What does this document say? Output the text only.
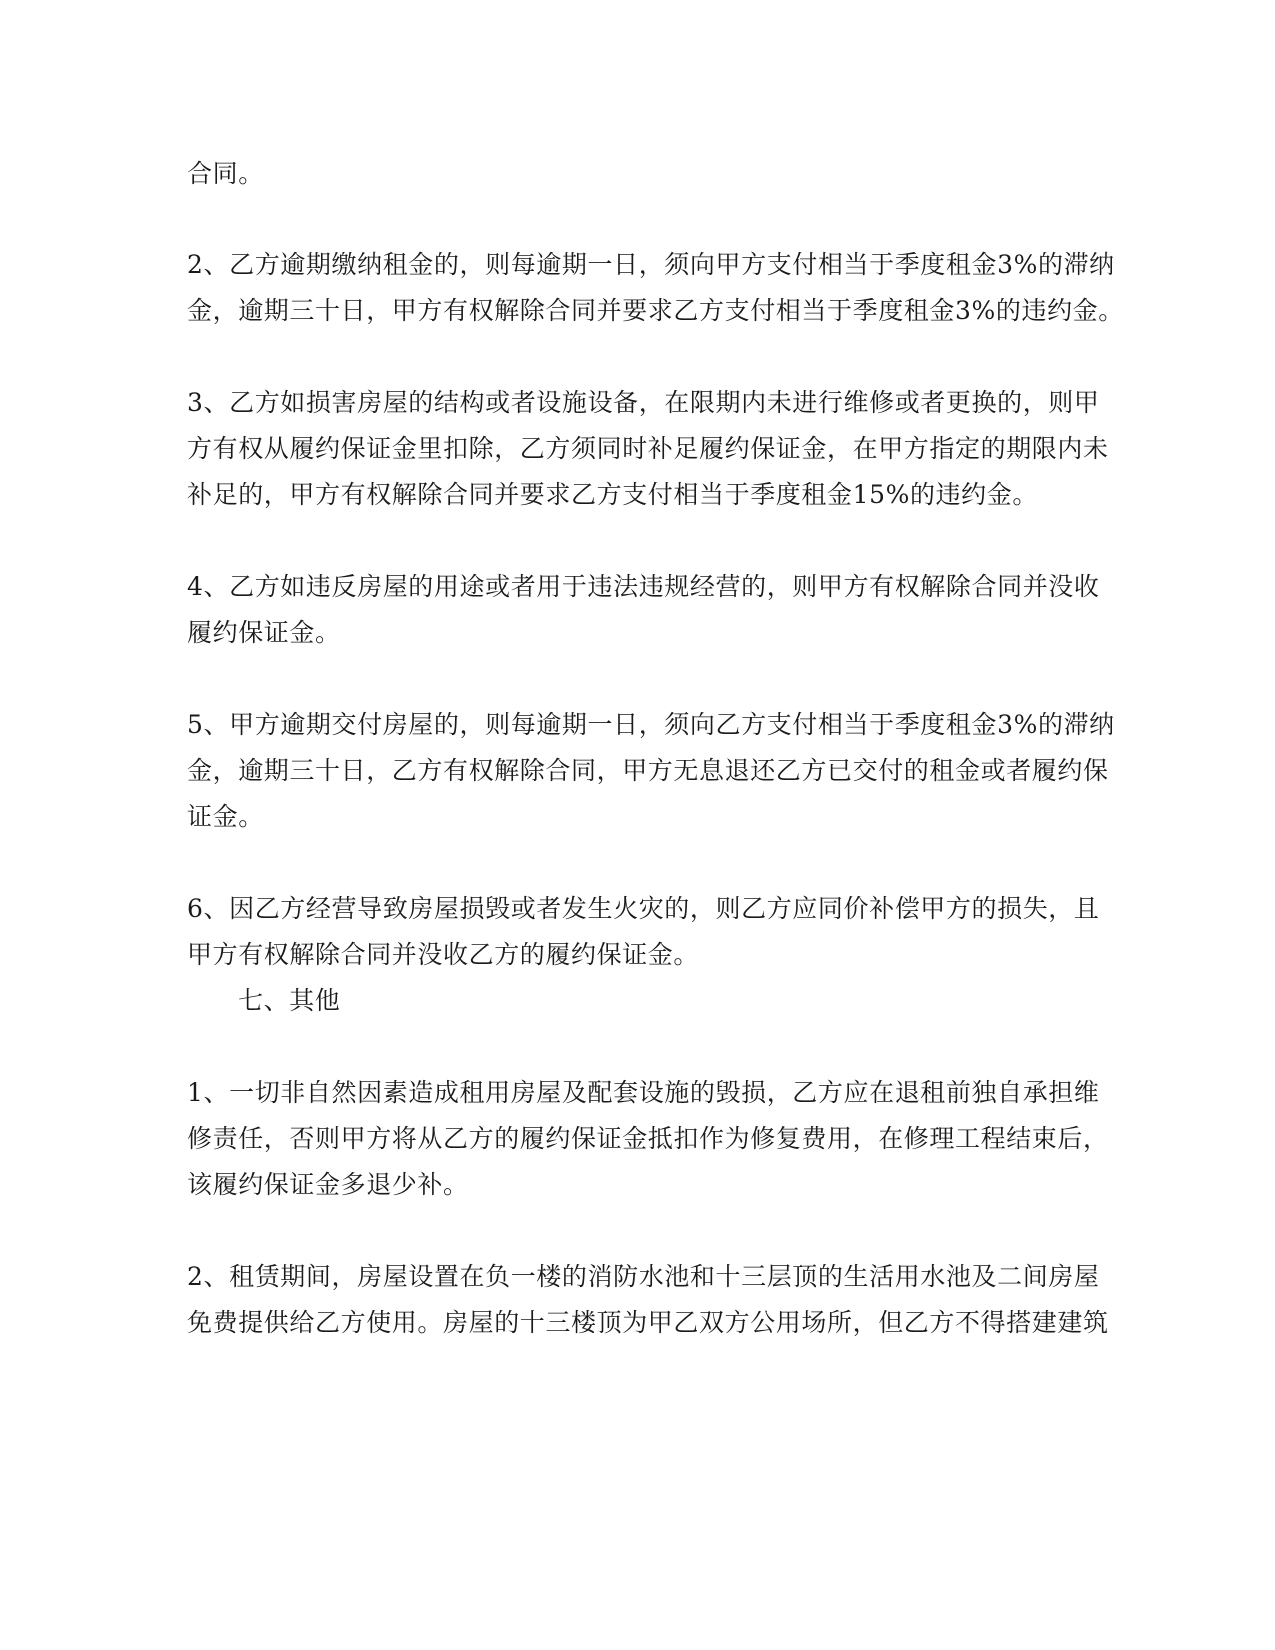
合同。
2、乙方逾期缴纳租金的，则每逾期一日，须向甲方支付相当于季度租金3%的滞纳
金，逾期三十日，甲方有权解除合同并要求乙方支付相当于季度租金3%的违约金。
3、乙方如损害房屋的结构或者设施设备，在限期内未进行维修或者更换的，则甲
方有权从履约保证金里扣除，乙方须同时补足履约保证金，在甲方指定的期限内未
补足的，甲方有权解除合同并要求乙方支付相当于季度租金15%的违约金。
4、乙方如违反房屋的用途或者用于违法违规经营的，则甲方有权解除合同并没收
履约保证金。
5、甲方逾期交付房屋的，则每逾期一日，须向乙方支付相当于季度租金3%的滞纳
金，逾期三十日，乙方有权解除合同，甲方无息退还乙方已交付的租金或者履约保
证金。
6、因乙方经营导致房屋损毁或者发生火灾的，则乙方应同价补偿甲方的损失，且
甲方有权解除合同并没收乙方的履约保证金。
七、其他
1、一切非自然因素造成租用房屋及配套设施的毁损，乙方应在退租前独自承担维
修责任，否则甲方将从乙方的履约保证金抵扣作为修复费用，在修理工程结束后，
该履约保证金多退少补。
2、租赁期间，房屋设置在负一楼的消防水池和十三层顶的生活用水池及二间房屋
免费提供给乙方使用。房屋的十三楼顶为甲乙双方公用场所，但乙方不得搭建建筑
